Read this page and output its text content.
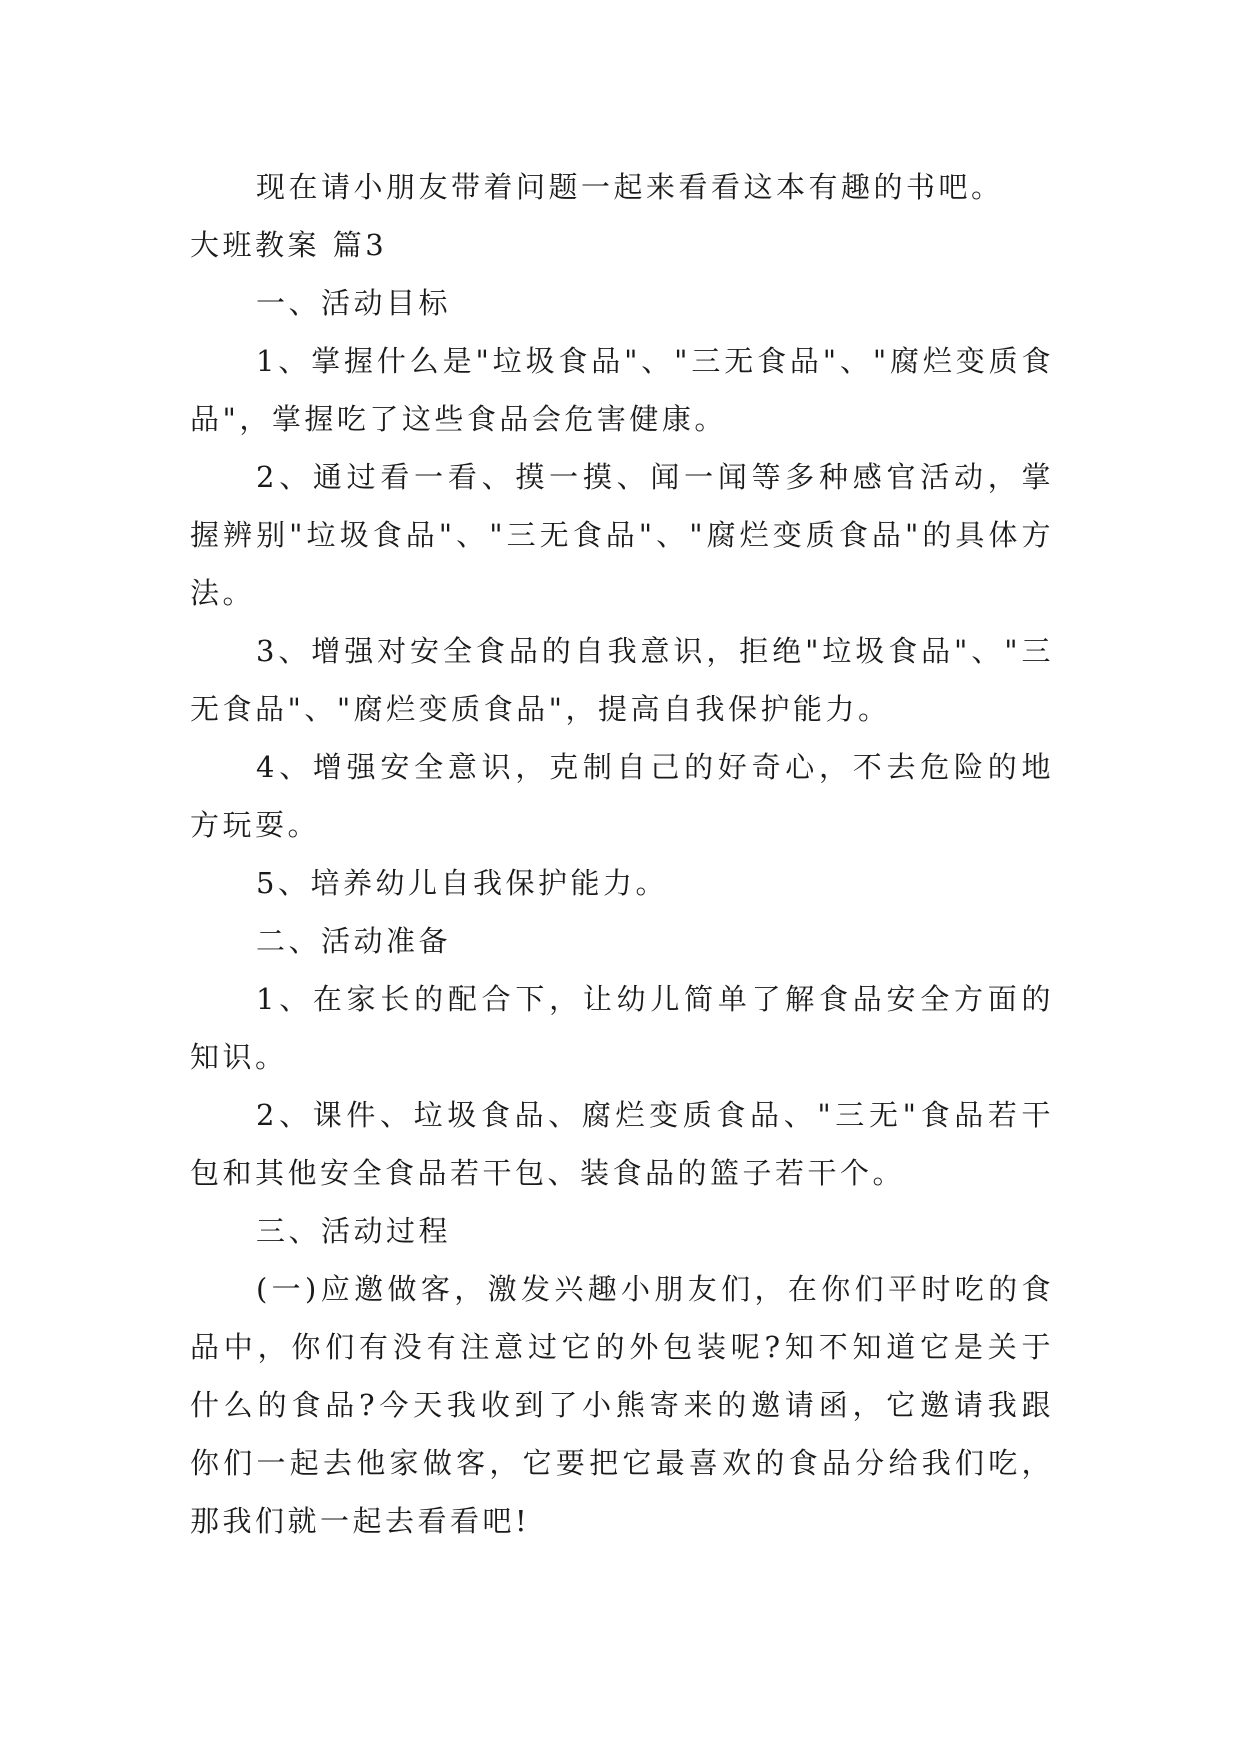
现在请小朋友带着问题一起来看看这本有趣的书吧。

大班教案 篇3

一、活动目标

1、掌握什么是"垃圾食品"、"三无食品"、"腐烂变质食品"，掌握吃了这些食品会危害健康。

2、通过看一看、摸一摸、闻一闻等多种感官活动，掌握辨别"垃圾食品"、"三无食品"、"腐烂变质食品"的具体方法。

3、增强对安全食品的自我意识，拒绝"垃圾食品"、"三无食品"、"腐烂变质食品"，提高自我保护能力。

4、增强安全意识，克制自己的好奇心，不去危险的地方玩耍。

5、培养幼儿自我保护能力。

二、活动准备

1、在家长的配合下，让幼儿简单了解食品安全方面的知识。

2、课件、垃圾食品、腐烂变质食品、"三无"食品若干包和其他安全食品若干包、装食品的篮子若干个。

三、活动过程

(一)应邀做客，激发兴趣小朋友们，在你们平时吃的食品中，你们有没有注意过它的外包装呢?知不知道它是关于什么的食品?今天我收到了小熊寄来的邀请函，它邀请我跟你们一起去他家做客，它要把它最喜欢的食品分给我们吃，那我们就一起去看看吧!
